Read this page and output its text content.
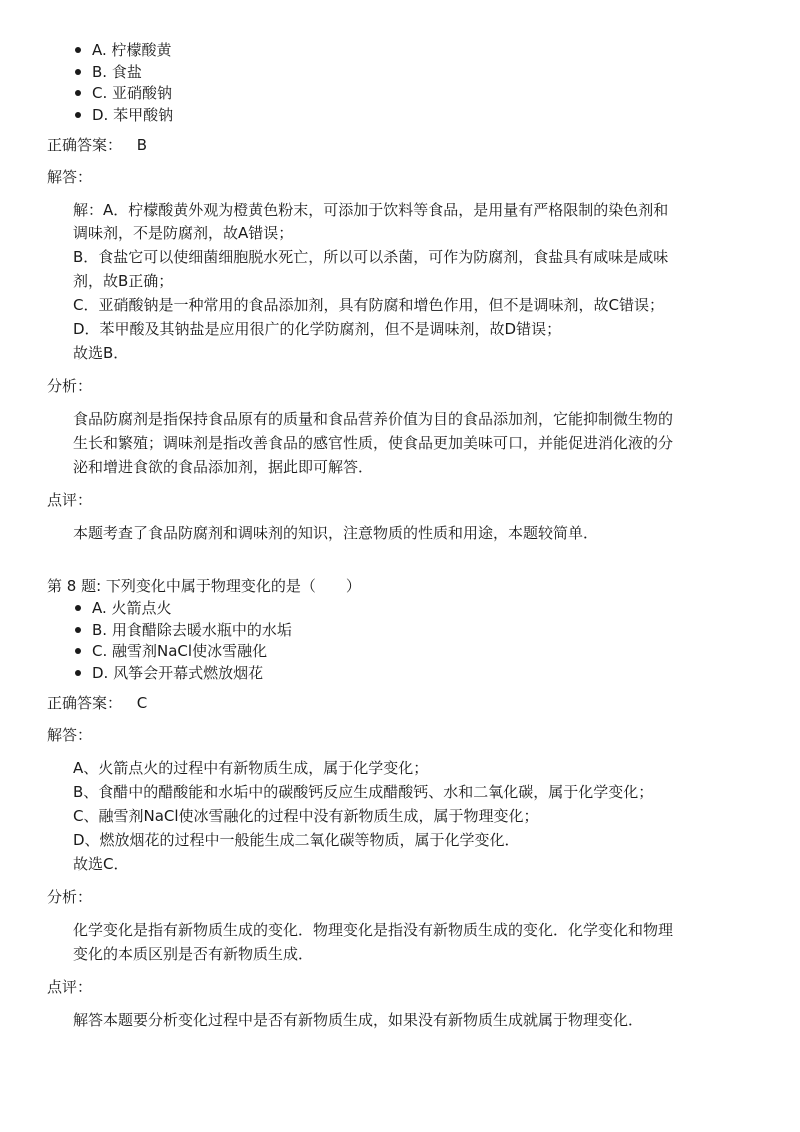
A. 柠檬酸黄
B. 食盐
C. 亚硝酸钠
D. 苯甲酸钠
正确答案： B
解答：
解：A．柠檬酸黄外观为橙黄色粉末，可添加于饮料等食品，是用量有严格限制的染色剂和
调味剂，不是防腐剂，故A错误；
B．食盐它可以使细菌细胞脱水死亡，所以可以杀菌，可作为防腐剂，食盐具有咸味是咸味
剂，故B正确；
C．亚硝酸钠是一种常用的食品添加剂，具有防腐和增色作用，但不是调味剂，故C错误；
D．苯甲酸及其钠盐是应用很广的化学防腐剂，但不是调味剂，故D错误；
故选B．
分析：
食品防腐剂是指保持食品原有的质量和食品营养价值为目的食品添加剂，它能抑制微生物的
生长和繁殖；调味剂是指改善食品的感官性质，使食品更加美味可口，并能促进消化液的分
泌和增进食欲的食品添加剂，据此即可解答．
点评：
本题考查了食品防腐剂和调味剂的知识，注意物质的性质和用途，本题较简单．
第 8 题: 下列变化中属于物理变化的是（　　）
A. 火箭点火
B. 用食醋除去暖水瓶中的水垢
C. 融雪剂NaCl使冰雪融化
D. 风筝会开幕式燃放烟花
正确答案： C
解答：
A、火箭点火的过程中有新物质生成，属于化学变化；
B、食醋中的醋酸能和水垢中的碳酸钙反应生成醋酸钙、水和二氧化碳，属于化学变化；
C、融雪剂NaCl使冰雪融化的过程中没有新物质生成，属于物理变化；
D、燃放烟花的过程中一般能生成二氧化碳等物质，属于化学变化．
故选C．
分析：
化学变化是指有新物质生成的变化．物理变化是指没有新物质生成的变化．化学变化和物理
变化的本质区别是否有新物质生成．
点评：
解答本题要分析变化过程中是否有新物质生成，如果没有新物质生成就属于物理变化．
